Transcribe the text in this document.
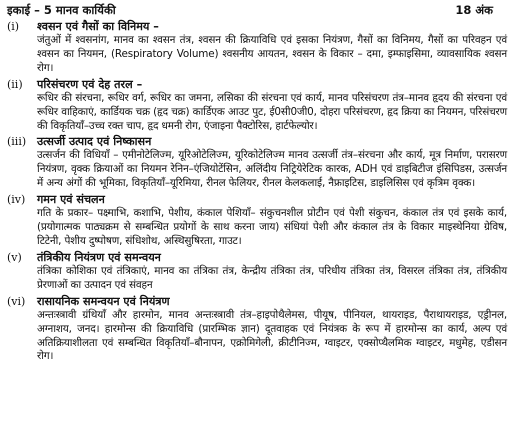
इकाई – 5 मानव कार्यिकी	18 अंक
(i)	श्वसन एवं गैसों का विनिमय –
जंतुओं में श्वसनांग, मानव का श्वसन तंत्र, श्वसन की क्रियाविधि एवं इसका नियंत्रण, गैसों का विनिमय, गैसों का परिवहन एवं श्वसन का नियमन, (Respiratory Volume) श्वसनीय आयतन, श्वसन के विकार – दमा, इम्फाइसिमा, व्यावसायिक श्वसन रोग।
(ii)	परिसंचरण एवं देह तरल –
रूधिर की संरचना, रूधिर वर्ग, रूधिर का जमना, लसिका की संरचना एवं कार्य, मानव परिसंचरण तंत्र–मानव हृदय की संरचना एवं रूधिर वाहिकाएं, कार्डियक चक्र (हृद चक्र) कार्डिएक आउट पुट, ई0सी0जी0, दोहरा परिसंचरण, हृद क्रिया का नियमन, परिसंचरण की विकृतियाँ–उच्च रक्त चाप, हृद धमनी रोग, एंजाइना पैक्टोरिस, हार्टफेल्योर।
(iii) उत्सर्जी उत्पाद एवं निष्कासन
उत्सर्जन की विधियाँ – एमीनोटेलिज्म, यूरिओटेलिज्म, यूरिकोटेलिज्म मानव उत्सर्जी तंत्र–संरचना और कार्य, मूत्र निर्माण, परासरण नियंत्रण, वृक्क क्रियाओं का नियमन रेनिन–एंजियोटेंसिन, अलिंदीय निट्रियेरेटिक कारक, ADH एवं डाइबिटीज इंसिपिडस, उत्सर्जन में अन्य अंगों की भूमिका, विकृतियाँ–यूरिमिया, रीनल फेलियर, रीनल केलकलाई, नैफ्राइटिस, डाइलिसिस एवं कृत्रिम वृक्क।
(iv)	गमन एवं संचलन
गति के प्रकार– पक्ष्माभि, कशाभि, पेशीय, कंकाल पेशियाँ– संकुचनशील प्रोटीन एवं पेशी संकुचन, कंकाल तंत्र एवं इसके कार्य, (प्रयोगात्मक पाठ्यक्रम से सम्बन्धित प्रयोगों के साथ करना जाय) संधियां पेशी और कंकाल तंत्र के विकार माइस्थेनिया ग्रेविष, टिटेनी, पेशीय दुष्पोषण, संधिशोथ, अस्थिसुषिरता, गाउट।
(v)	तंत्रिकीय नियंत्रण एवं समन्वयन
तंत्रिका कोशिका एवं तंत्रिकाएं, मानव का तंत्रिका तंत्र, केन्द्रीय तंत्रिका तंत्र, परिधीय तंत्रिका तंत्र, विसरल तंत्रिका तंत्र, तंत्रिकीय प्रेरणाओं का उत्पादन एवं संवहन
(vi)	रासायनिक समन्वयन एवं नियंत्रण
अन्तःस्त्रावी ग्रंथियाँ और हारमोन, मानव अन्तःस्त्रावी तंत्र–हाइपोथैलेमस, पीयूष, पीनियल, थायराइड, पैराथायराइड, एड्रीनल, अग्नाशय, जनद। हारमोन्स की क्रियाविधि (प्रारम्भिक ज्ञान) दूतवाहक एवं नियंत्रक के रूप में हारमोन्स का कार्य, अल्प एवं अतिक्रियाशीलता एवं सम्बन्धित विकृतियाँ–बौनापन, एक्रोमिगेली, क्रीटीनिज्म, ग्वाइटर, एक्सोप्थैलमिक ग्वाइटर, मधुमेह, एडीसन रोग।
